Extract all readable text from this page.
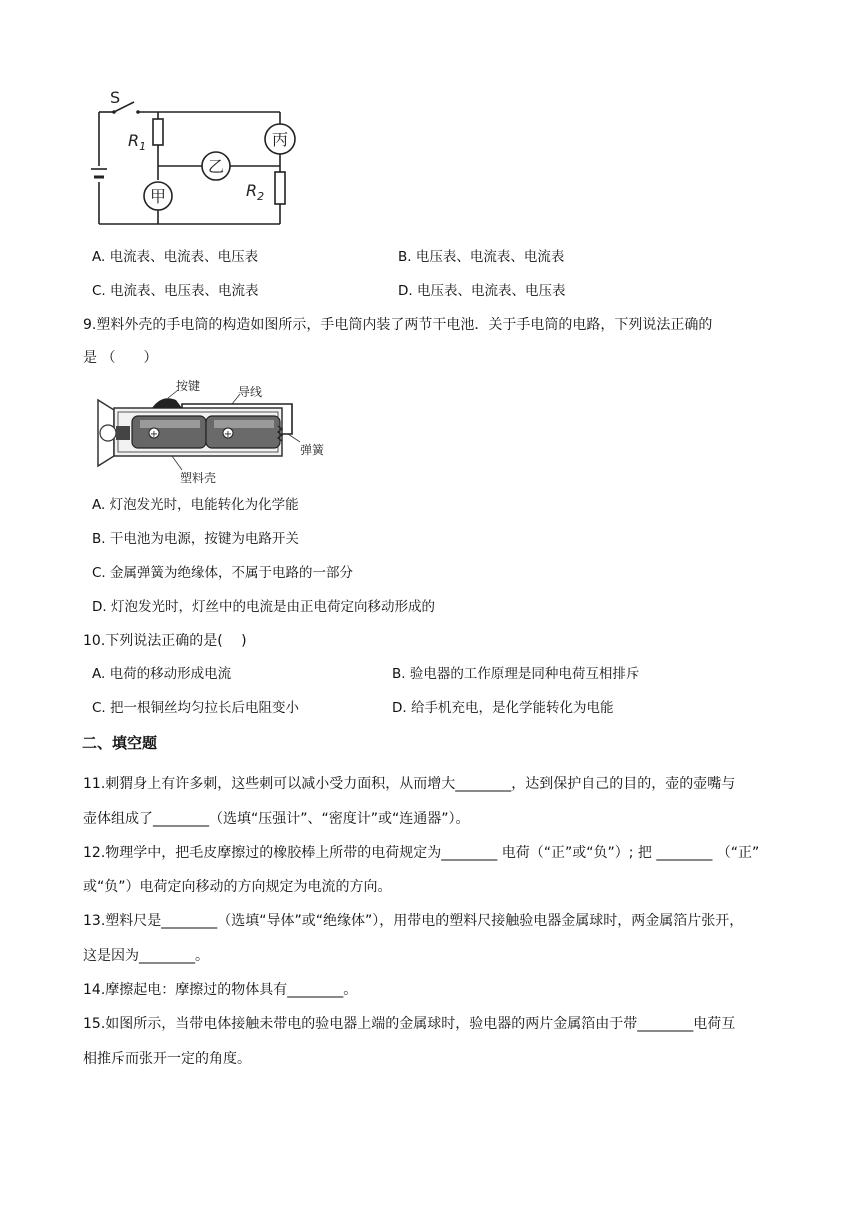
S
$R_1$
$R_2$
甲
乙
丙
A. 电流表、电流表、电压表	B. 电压表、电流表、电流表
C. 电流表、电压表、电流表	D. 电压表、电流表、电压表
9.塑料外壳的手电筒的构造如图所示，手电筒内装了两节干电池．关于手电筒的电路，下列说法正确的
是 （　　）
+	+
按键	导线
弹簧
塑料壳
A. 灯泡发光时，电能转化为化学能
B. 干电池为电源，按键为电路开关
C. 金属弹簧为绝缘体，不属于电路的一部分
D. 灯泡发光时，灯丝中的电流是由正电荷定向移动形成的
10.下列说法正确的是(　 )
A. 电荷的移动形成电流	B. 验电器的工作原理是同种电荷互相排斥
C. 把一根铜丝均匀拉长后电阻变小	D. 给手机充电，是化学能转化为电能
二、填空题
11.刺猬身上有许多刺，这些刺可以减小受力面积，从而增大________，达到保护自己的目的，壶的壶嘴与
壶体组成了________（选填“压强计”、“密度计”或“连通器”）。
12.物理学中，把毛皮摩擦过的橡胶棒上所带的电荷规定为________ 电荷（“正”或“负”）; 把 ________ （“正”
或“负”）电荷定向移动的方向规定为电流的方向。
13.塑料尺是________（选填“导体”或“绝缘体”），用带电的塑料尺接触验电器金属球时，两金属箔片张开，
这是因为________。
14.摩擦起电：摩擦过的物体具有________。
15.如图所示，当带电体接触未带电的验电器上端的金属球时，验电器的两片金属箔由于带________电荷互
相推斥而张开一定的角度。
